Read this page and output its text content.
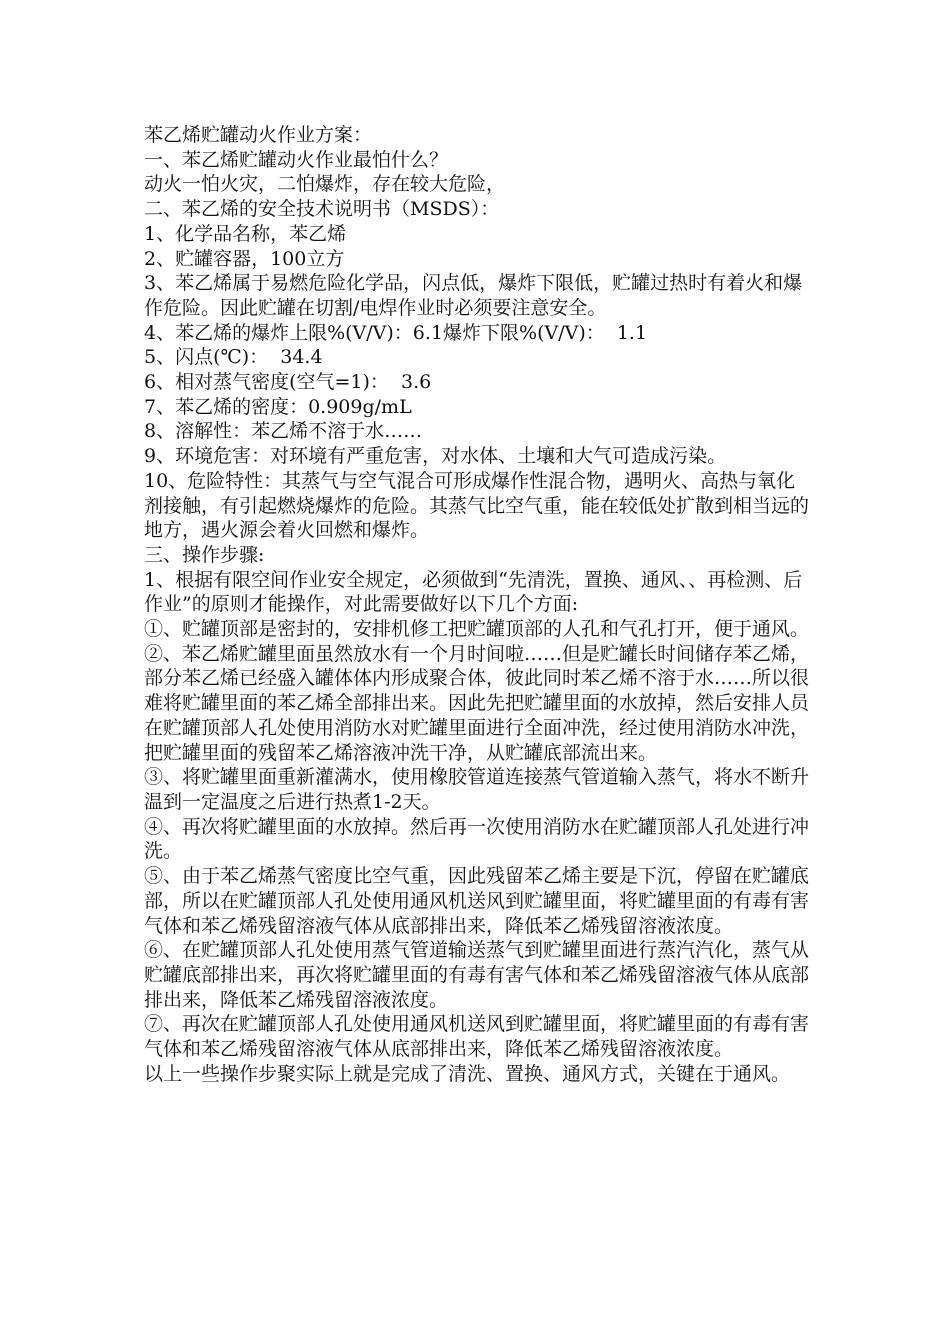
苯乙烯贮罐动火作业方案：

一、苯乙烯贮罐动火作业最怕什么？

动火一怕火灾，二怕爆炸，存在较大危险，

二、苯乙烯的安全技术说明书（MSDS）：

1、化学品名称，苯乙烯

2、贮罐容器，100立方

3、苯乙烯属于易燃危险化学品，闪点低，爆炸下限低，贮罐过热时有着火和爆作危险。因此贮罐在切割/电焊作业时必须要注意安全。

4、苯乙烯的爆炸上限%(V/V)：6.1爆炸下限%(V/V)：  1.1

5、闪点(℃)：  34.4

6、相对蒸气密度(空气=1)：  3.6

7、苯乙烯的密度：0.909g/mL

8、溶解性：苯乙烯不溶于水……

9、环境危害：对环境有严重危害，对水体、土壤和大气可造成污染。

10、危险特性：其蒸气与空气混合可形成爆作性混合物，遇明火、高热与氧化剂接触，有引起燃烧爆炸的危险。其蒸气比空气重，能在较低处扩散到相当远的地方，遇火源会着火回燃和爆炸。

三、操作步骤:

1、根据有限空间作业安全规定，必须做到“先清洗，置换、通风、、再检测、后作业”的原则才能操作，对此需要做好以下几个方面:

①、贮罐顶部是密封的，安排机修工把贮罐顶部的人孔和气孔打开，便于通风。

②、苯乙烯贮罐里面虽然放水有一个月时间啦……但是贮罐长时间储存苯乙烯，部分苯乙烯已经盛入罐体体内形成聚合体，彼此同时苯乙烯不溶于水……所以很难将贮罐里面的苯乙烯全部排出来。因此先把贮罐里面的水放掉，然后安排人员在贮罐顶部人孔处使用消防水对贮罐里面进行全面冲洗，经过使用消防水冲洗，把贮罐里面的残留苯乙烯溶液冲洗干净，从贮罐底部流出来。

③、将贮罐里面重新灌满水，使用橡胶管道连接蒸气管道输入蒸气，将水不断升温到一定温度之后进行热煮1-2天。

④、再次将贮罐里面的水放掉。然后再一次使用消防水在贮罐顶部人孔处进行冲洗。

⑤、由于苯乙烯蒸气密度比空气重，因此残留苯乙烯主要是下沉，停留在贮罐底部，所以在贮罐顶部人孔处使用通风机送风到贮罐里面，将贮罐里面的有毒有害气体和苯乙烯残留溶液气体从底部排出来，降低苯乙烯残留溶液浓度。

⑥、在贮罐顶部人孔处使用蒸气管道输送蒸气到贮罐里面进行蒸汽汽化，蒸气从贮罐底部排出来，再次将贮罐里面的有毒有害气体和苯乙烯残留溶液气体从底部排出来，降低苯乙烯残留溶液浓度。

⑦、再次在贮罐顶部人孔处使用通风机送风到贮罐里面，将贮罐里面的有毒有害气体和苯乙烯残留溶液气体从底部排出来，降低苯乙烯残留溶液浓度。

以上一些操作步聚实际上就是完成了清洗、置换、通风方式，关键在于通风。
